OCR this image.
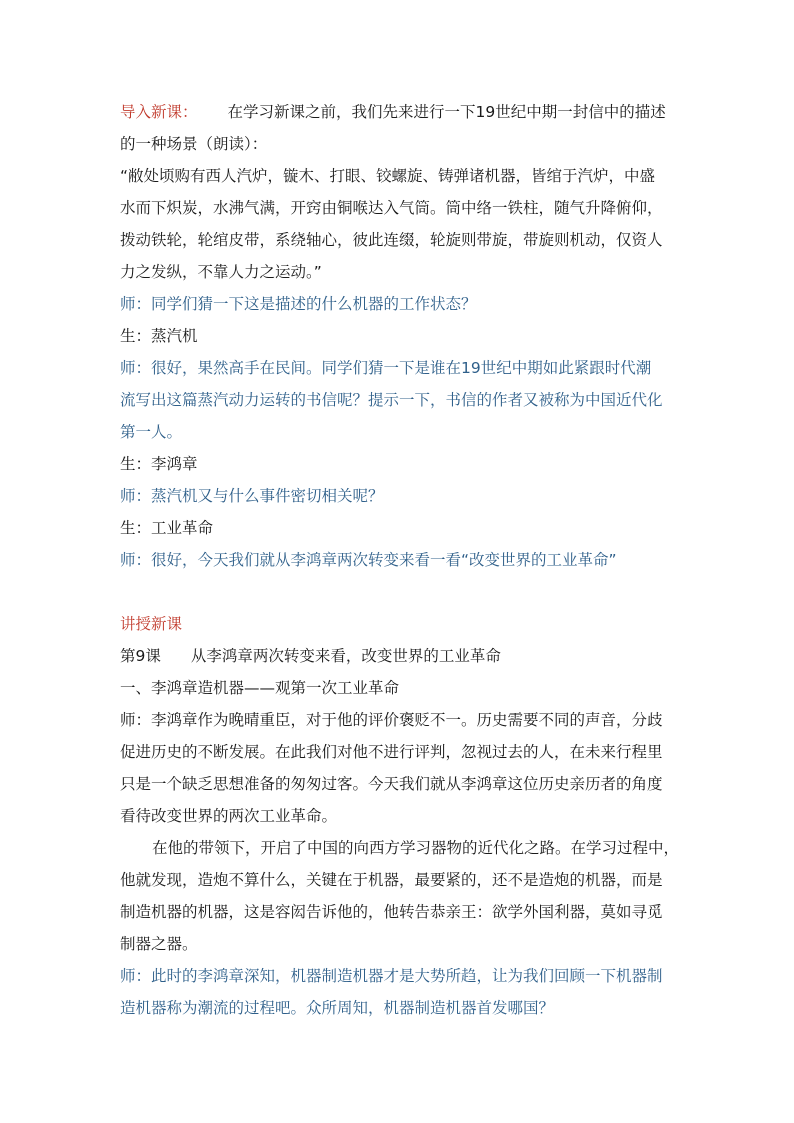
导入新课： 在学习新课之前，我们先来进行一下19世纪中期一封信中的描述
的一种场景（朗读）：
“敝处顷购有西人汽炉，镟木、打眼、铰螺旋、铸弹诸机器，皆绾于汽炉，中盛
水而下炽炭，水沸气满，开窍由铜喉达入气筒。筒中络一铁柱，随气升降俯仰，
拨动铁轮，轮绾皮带，系绕轴心，彼此连缀，轮旋则带旋，带旋则机动，仅资人
力之发纵，不靠人力之运动。”
师：同学们猜一下这是描述的什么机器的工作状态？
生：蒸汽机
师：很好，果然高手在民间。同学们猜一下是谁在19世纪中期如此紧跟时代潮
流写出这篇蒸汽动力运转的书信呢？提示一下，书信的作者又被称为中国近代化
第一人。
生：李鸿章
师：蒸汽机又与什么事件密切相关呢？
生：工业革命
师：很好，今天我们就从李鸿章两次转变来看一看“改变世界的工业革命”
讲授新课
第9课 从李鸿章两次转变来看，改变世界的工业革命
一、李鸿章造机器——观第一次工业革命
师：李鸿章作为晚晴重臣，对于他的评价褒贬不一。历史需要不同的声音，分歧
促进历史的不断发展。在此我们对他不进行评判，忽视过去的人，在未来行程里
只是一个缺乏思想准备的匆匆过客。今天我们就从李鸿章这位历史亲历者的角度
看待改变世界的两次工业革命。
在他的带领下，开启了中国的向西方学习器物的近代化之路。在学习过程中，
他就发现，造炮不算什么，关键在于机器，最要紧的，还不是造炮的机器，而是
制造机器的机器，这是容闳告诉他的，他转告恭亲王：欲学外国利器，莫如寻觅
制器之器。
师：此时的李鸿章深知，机器制造机器才是大势所趋，让为我们回顾一下机器制
造机器称为潮流的过程吧。众所周知，机器制造机器首发哪国？
